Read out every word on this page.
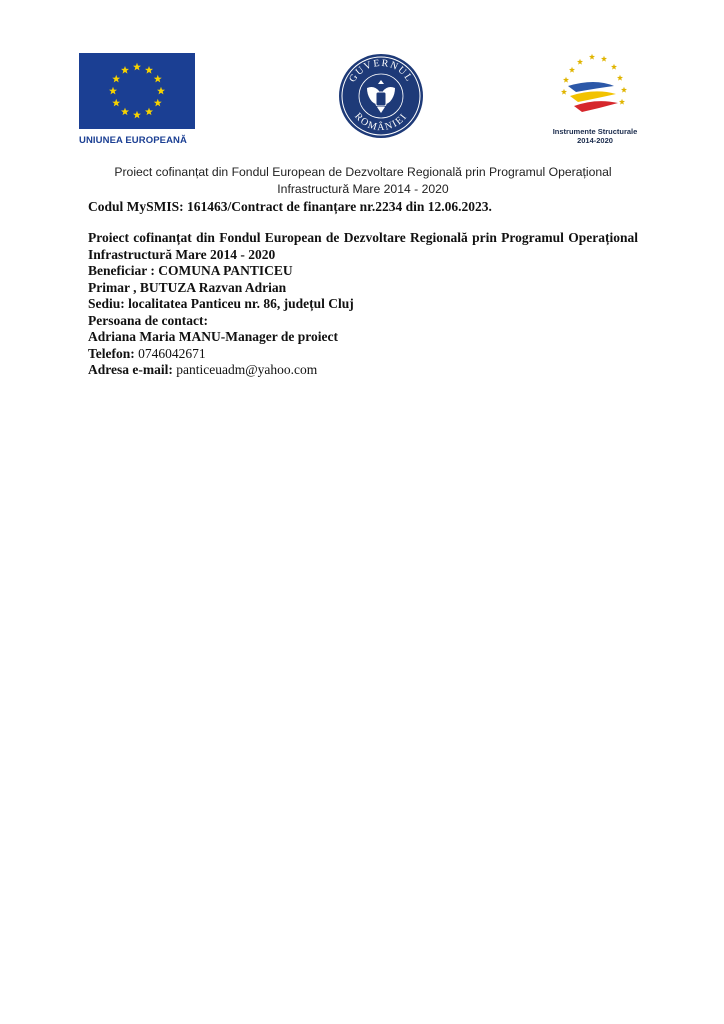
UNIUNEA EUROPEANĂ
GUVERNUL
ROMÂNIEI
Instrumente Structurale
2014-2020
Proiect cofinanțat din Fondul European de Dezvoltare Regională prin Programul Operațional
Infrastructură Mare 2014 - 2020
Codul MySMIS: 161463/Contract de finanțare nr.2234 din 12.06.2023.
Proiect cofinanțat din Fondul European de Dezvoltare Regională prin Programul Operațional Infrastructură Mare 2014 - 2020
Beneficiar : COMUNA PANTICEU
Primar , BUTUZA Razvan Adrian
Sediu: localitatea Panticeu nr. 86, județul Cluj
Persoana de contact:
Adriana Maria MANU-Manager de proiect
Telefon: 0746042671
Adresa e-mail: panticeuadm@yahoo.com
